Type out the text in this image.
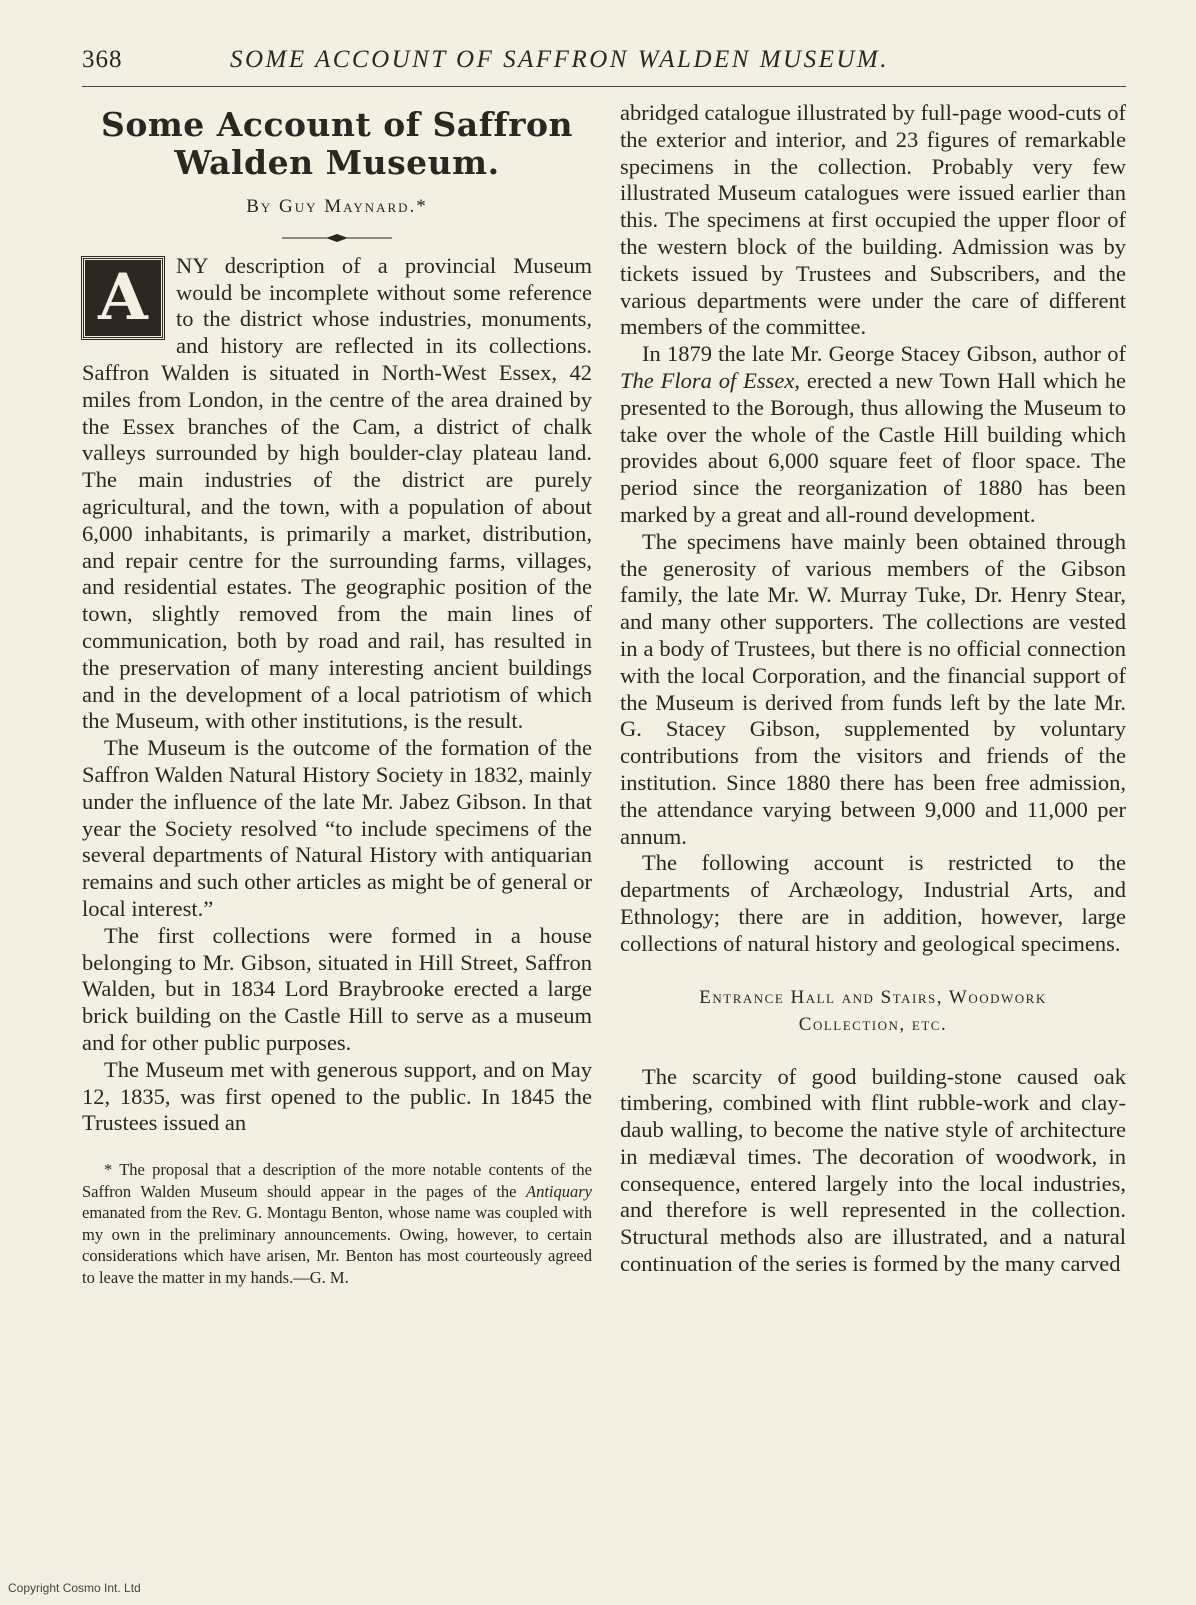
368	SOME ACCOUNT OF SAFFRON WALDEN MUSEUM.
Some Account of Saffron
Walden Museum.
By Guy Maynard.*

A	NY description of a provincial Museum would be incomplete without some reference to the district whose industries, monuments, and history are reflected in its collections. Saffron Walden is situated in North-West Essex, 42 miles from London, in the centre of the area drained by the Essex branches of the Cam, a district of chalk valleys surrounded by high boulder-clay plateau land. The main industries of the district are purely agricultural, and the town, with a population of about 6,000 inhabitants, is primarily a market, distribution, and repair centre for the surrounding farms, villages, and residential estates. The geographic position of the town, slightly removed from the main lines of communication, both by road and rail, has resulted in the preservation of many interesting ancient buildings and in the development of a local patriotism of which the Museum, with other institutions, is the result.

The Museum is the outcome of the formation of the Saffron Walden Natural History Society in 1832, mainly under the influence of the late Mr. Jabez Gibson. In that year the Society resolved “to include specimens of the several departments of Natural History with antiquarian remains and such other articles as might be of general or local interest.”

The first collections were formed in a house belonging to Mr. Gibson, situated in Hill Street, Saffron Walden, but in 1834 Lord Braybrooke erected a large brick building on the Castle Hill to serve as a museum and for other public purposes.

The Museum met with generous support, and on May 12, 1835, was first opened to the public. In 1845 the Trustees issued an

* The proposal that a description of the more notable contents of the Saffron Walden Museum should appear in the pages of the Antiquary emanated from the Rev. G. Montagu Benton, whose name was coupled with my own in the preliminary announcements. Owing, however, to certain considerations which have arisen, Mr. Benton has most courteously agreed to leave the matter in my hands.—G. M.

abridged catalogue illustrated by full-page wood-cuts of the exterior and interior, and 23 figures of remarkable specimens in the collection. Probably very few illustrated Museum catalogues were issued earlier than this. The specimens at first occupied the upper floor of the western block of the building. Admission was by tickets issued by Trustees and Subscribers, and the various departments were under the care of different members of the committee.

In 1879 the late Mr. George Stacey Gibson, author of The Flora of Essex, erected a new Town Hall which he presented to the Borough, thus allowing the Museum to take over the whole of the Castle Hill building which provides about 6,000 square feet of floor space. The period since the reorganization of 1880 has been marked by a great and all-round development.

The specimens have mainly been obtained through the generosity of various members of the Gibson family, the late Mr. W. Murray Tuke, Dr. Henry Stear, and many other supporters. The collections are vested in a body of Trustees, but there is no official connection with the local Corporation, and the financial support of the Museum is derived from funds left by the late Mr. G. Stacey Gibson, supplemented by voluntary contributions from the visitors and friends of the institution. Since 1880 there has been free admission, the attendance varying between 9,000 and 11,000 per annum.

The following account is restricted to the departments of Archæology, Industrial Arts, and Ethnology; there are in addition, however, large collections of natural history and geological specimens.

Entrance Hall and Stairs, Woodwork
Collection, etc.

The scarcity of good building-stone caused oak timbering, combined with flint rubble-work and clay-daub walling, to become the native style of architecture in mediæval times. The decoration of woodwork, in consequence, entered largely into the local industries, and therefore is well represented in the collection. Structural methods also are illustrated, and a natural continuation of the series is formed by the many carved

Copyright Cosmo Int. Ltd
